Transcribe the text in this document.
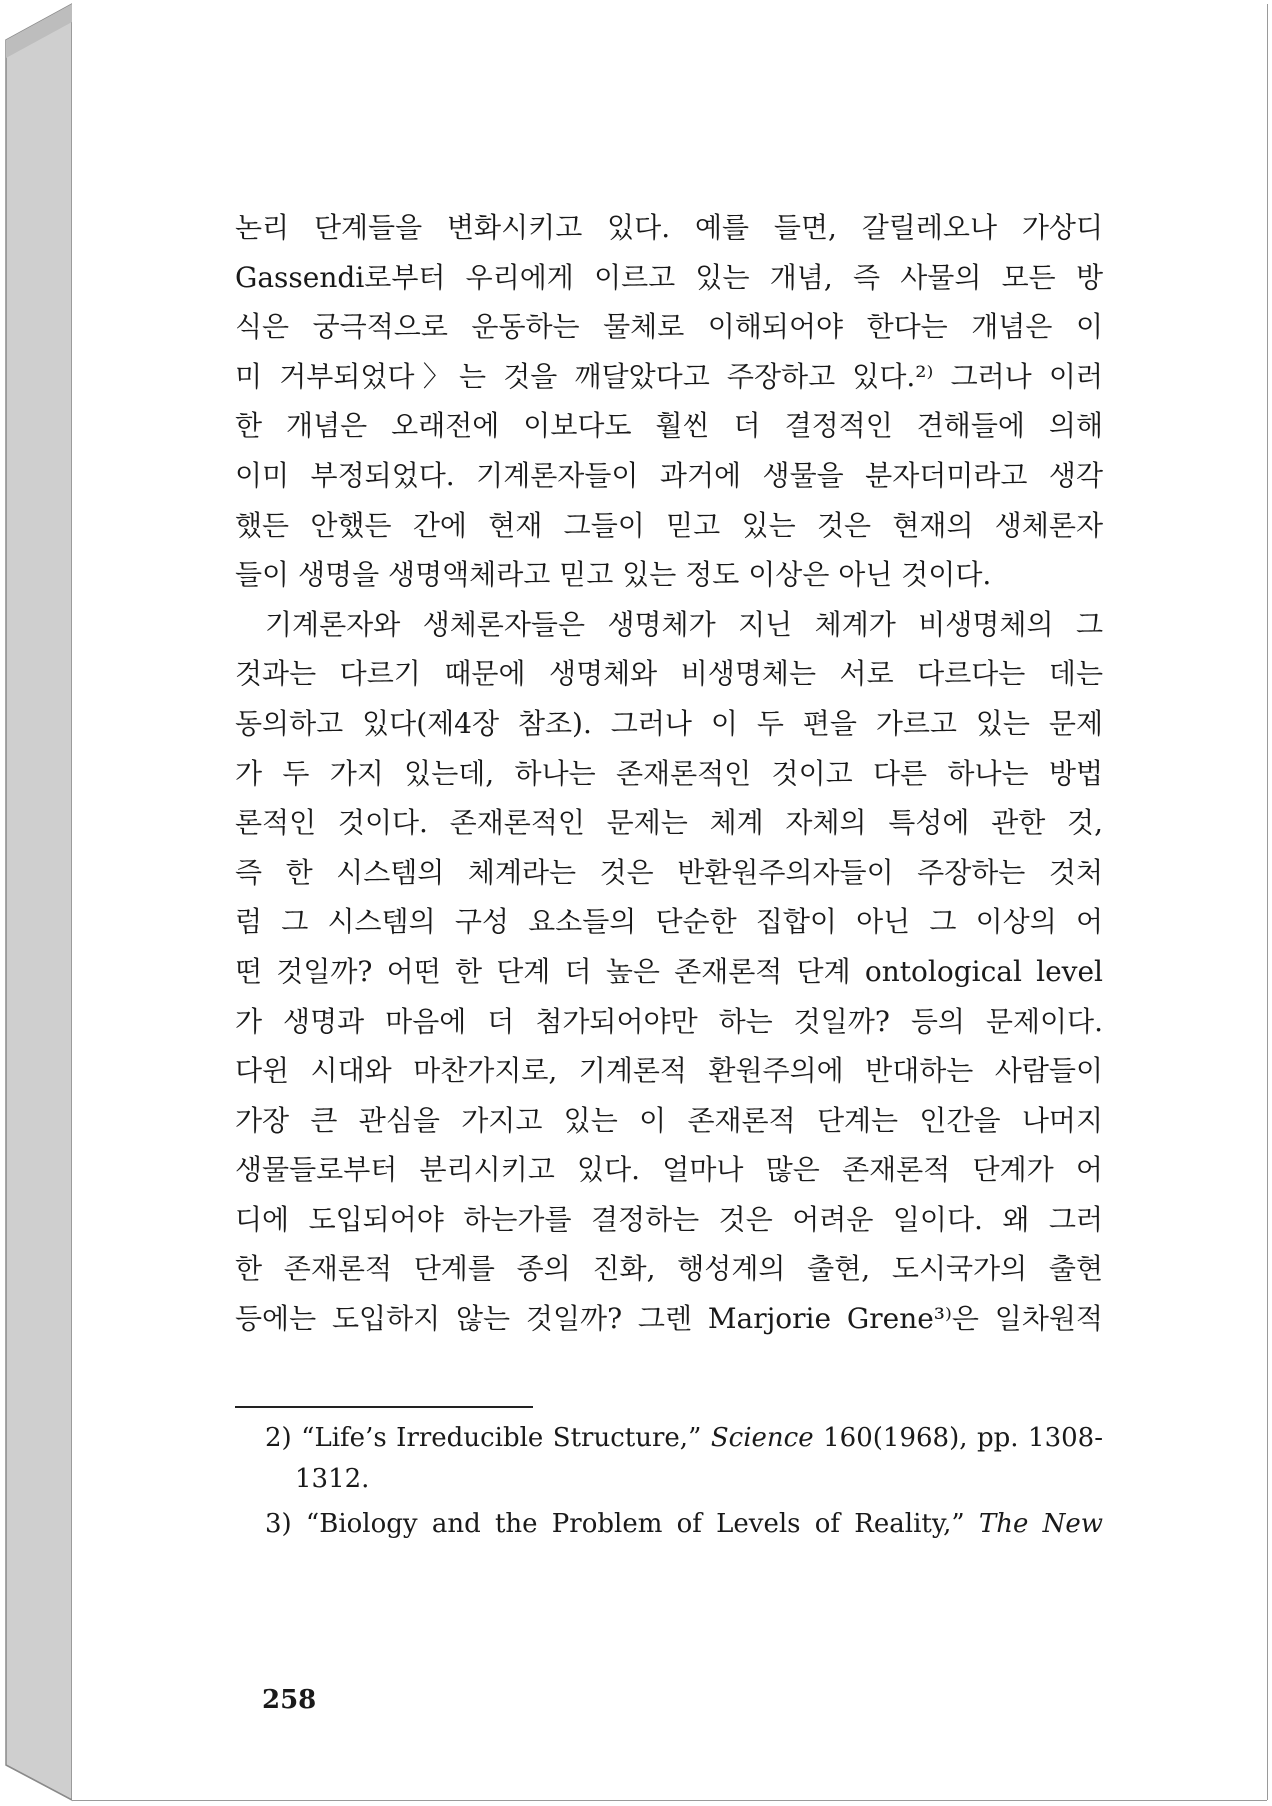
논리 단계들을 변화시키고 있다. 예를 들면, 갈릴레오나 가상디
Gassendi로부터 우리에게 이르고 있는 개념, 즉 사물의 모든 방
식은 궁극적으로 운동하는 물체로 이해되어야 한다는 개념은 이
미 거부되었다〉는 것을 깨달았다고 주장하고 있다.²⁾ 그러나 이러
한 개념은 오래전에 이보다도 훨씬 더 결정적인 견해들에 의해
이미 부정되었다. 기계론자들이 과거에 생물을 분자더미라고 생각
했든 안했든 간에 현재 그들이 믿고 있는 것은 현재의 생체론자
들이 생명을 생명액체라고 믿고 있는 정도 이상은 아닌 것이다.
기계론자와 생체론자들은 생명체가 지닌 체계가 비생명체의 그
것과는 다르기 때문에 생명체와 비생명체는 서로 다르다는 데는
동의하고 있다(제4장 참조). 그러나 이 두 편을 가르고 있는 문제
가 두 가지 있는데, 하나는 존재론적인 것이고 다른 하나는 방법
론적인 것이다. 존재론적인 문제는 체계 자체의 특성에 관한 것,
즉 한 시스템의 체계라는 것은 반환원주의자들이 주장하는 것처
럼 그 시스템의 구성 요소들의 단순한 집합이 아닌 그 이상의 어
떤 것일까? 어떤 한 단계 더 높은 존재론적 단계 ontological level
가 생명과 마음에 더 첨가되어야만 하는 것일까? 등의 문제이다.
다윈 시대와 마찬가지로, 기계론적 환원주의에 반대하는 사람들이
가장 큰 관심을 가지고 있는 이 존재론적 단계는 인간을 나머지
생물들로부터 분리시키고 있다. 얼마나 많은 존재론적 단계가 어
디에 도입되어야 하는가를 결정하는 것은 어려운 일이다. 왜 그러
한 존재론적 단계를 종의 진화, 행성계의 출현, 도시국가의 출현
등에는 도입하지 않는 것일까? 그렌 Marjorie Grene³⁾은 일차원적
2) “Life’s Irreducible Structure,” Science 160(1968), pp. 1308-
1312.
3) “Biology and the Problem of Levels of Reality,” The New
258
